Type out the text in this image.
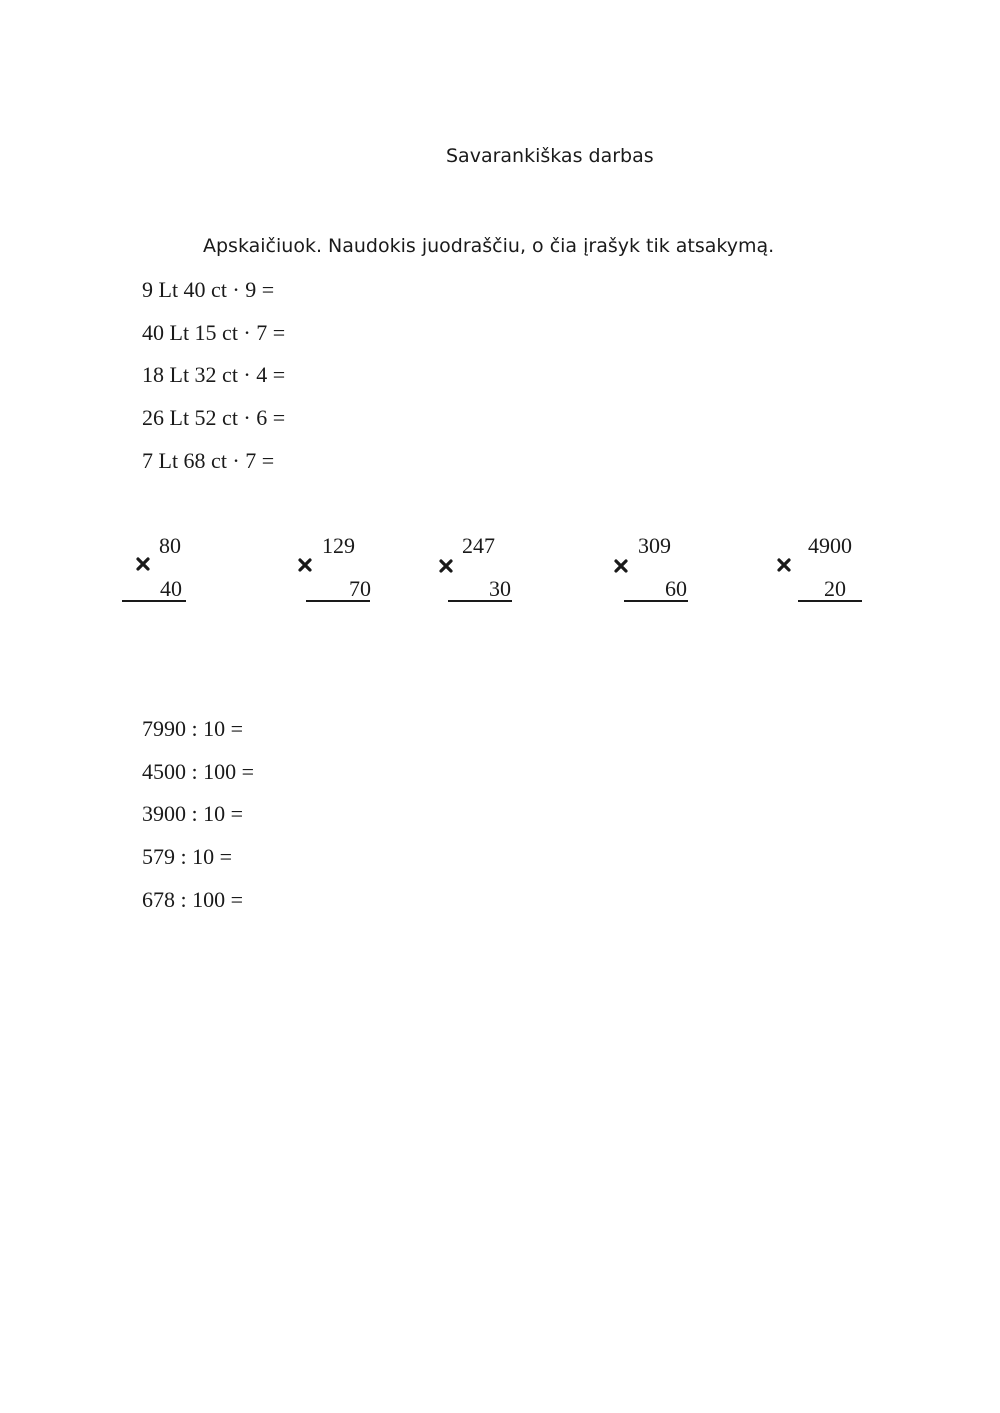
Savarankiškas darbas
Apskaičiuok. Naudokis juodraščiu, o čia įrašyk tik atsakymą.
9 Lt 40 ct · 9 =
40 Lt 15 ct · 7 =
18 Lt 32 ct · 4 =
26 Lt 52 ct · 6 =
7 Lt 68 ct · 7 =
80
40
129
70
247
30
309
60
4900
20
7990 : 10 =
4500 : 100 =
3900 : 10 =
579 : 10 =
678 : 100 =
